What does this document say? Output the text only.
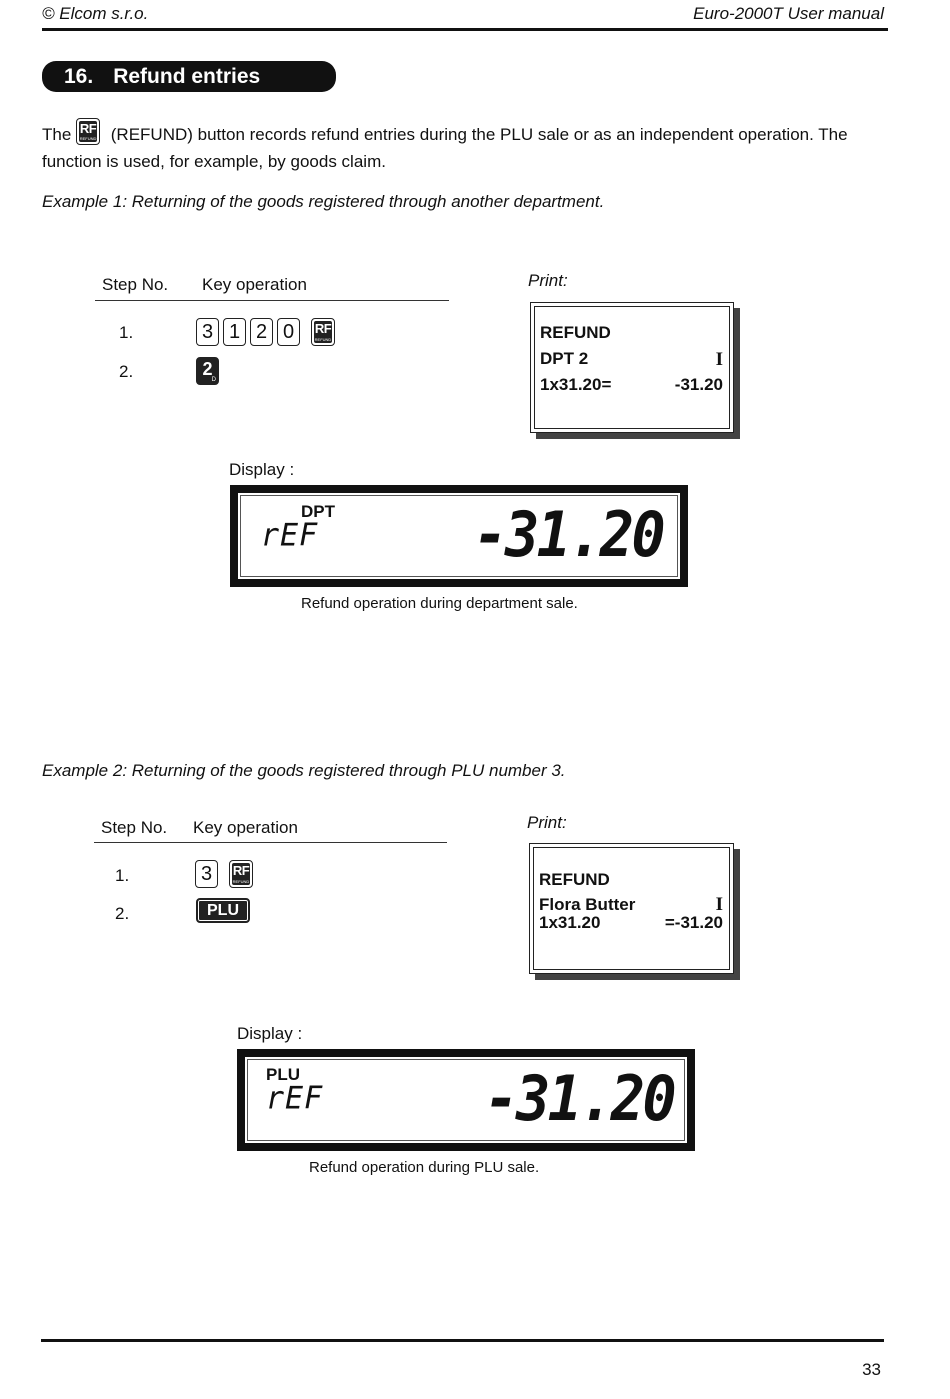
© Elcom s.r.o.	Euro-2000T User manual
16. Refund entries
The RF
REFUND (REFUND) button records refund entries during the PLU sale or as an independent operation. The function is used, for example, by goods claim.
Example 1: Returning of the goods registered through another department.
Step No. Key operation
1.	3 1 2 0	RF
REFUND
2.	2
D
Print:
REFUND
DPT 2	I
1x31.20=	-31.20
Display :
DPT
rEF	-31.20
Refund operation during department sale.
Example 2: Returning of the goods registered through PLU number 3.
Step No. Key operation
1.	3	RF
REFUND
2.	PLU
Print:
REFUND
Flora Butter	I
1x31.20	=-31.20
Display :
PLU
rEF	-31.20
Refund operation during PLU sale.
33
